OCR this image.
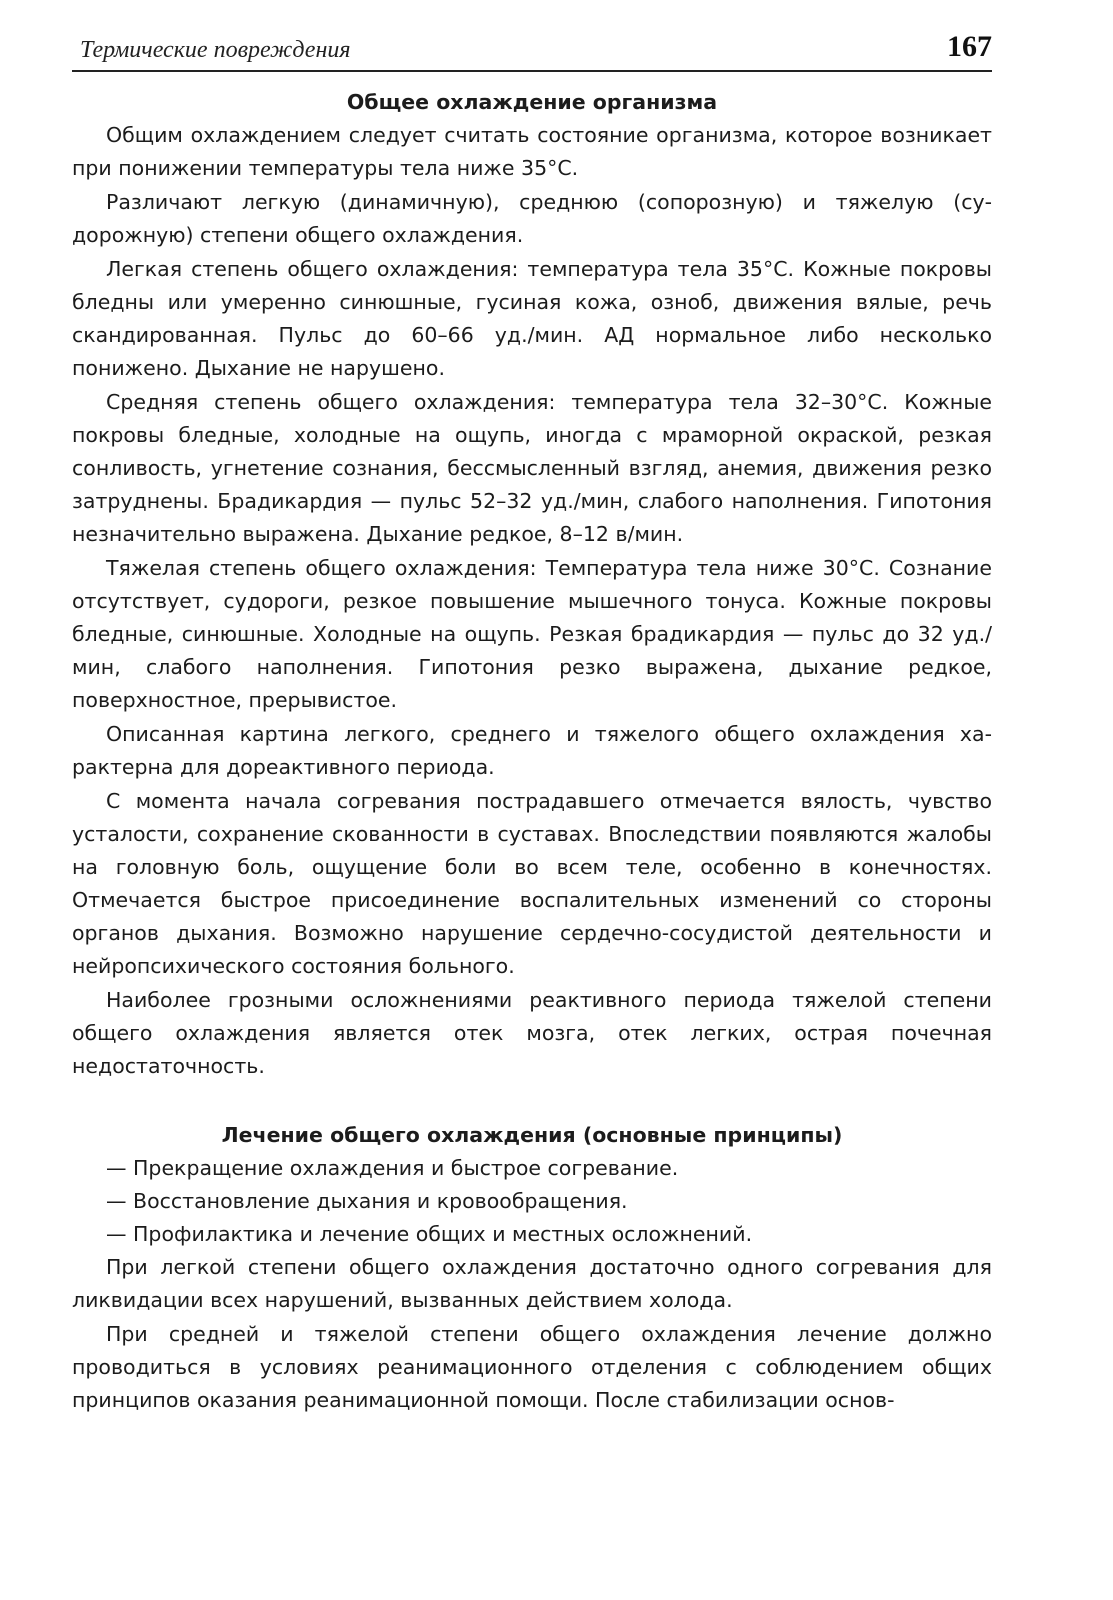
Термические повреждения	167
Общее охлаждение организма

Общим охлаждением следует считать состояние организма, которое возникает при понижении температуры тела ниже 35°С.

Различают легкую (динамичную), среднюю (сопорозную) и тяжелую (судорожную) степени общего охлаждения.

Легкая степень общего охлаждения: температура тела 35°С. Кожные покровы бледны или умеренно синюшные, гусиная кожа, озноб, движения вялые, речь скандированная. Пульс до 60–66 уд./мин. АД нормальное либо несколько понижено. Дыхание не нарушено.

Средняя степень общего охлаждения: температура тела 32–30°С. Кожные покровы бледные, холодные на ощупь, иногда с мраморной окраской, резкая сонливость, угнетение сознания, бессмысленный взгляд, анемия, движения резко затруднены. Брадикардия — пульс 52–32 уд./мин, слабого наполнения. Гипотония незначительно выражена. Дыхание редкое, 8–12 в/мин.

Тяжелая степень общего охлаждения: Температура тела ниже 30°С. Сознание отсутствует, судороги, резкое повышение мышечного тонуса. Кожные покровы бледные, синюшные. Холодные на ощупь. Резкая брадикардия — пульс до 32 уд./мин, слабого наполнения. Гипотония резко выражена, дыхание редкое, поверхностное, прерывистое.

Описанная картина легкого, среднего и тяжелого общего охлаждения характерна для дореактивного периода.

С момента начала согревания пострадавшего отмечается вялость, чувство усталости, сохранение скованности в суставах. Впоследствии появляются жалобы на головную боль, ощущение боли во всем теле, особенно в конечностях. Отмечается быстрое присоединение воспалительных изменений со стороны органов дыхания. Возможно нарушение сердечно-сосудистой деятельности и нейропсихического состояния больного.

Наиболее грозными осложнениями реактивного периода тяжелой степени общего охлаждения является отек мозга, отек легких, острая почечная недостаточность.

Лечение общего охлаждения (основные принципы)
— Прекращение охлаждения и быстрое согревание.
— Восстановление дыхания и кровообращения.
— Профилактика и лечение общих и местных осложнений.

При легкой степени общего охлаждения достаточно одного согревания для ликвидации всех нарушений, вызванных действием холода.

При средней и тяжелой степени общего охлаждения лечение должно проводиться в условиях реанимационного отделения с соблюдением общих принципов оказания реанимационной помощи. После стабилизации основ-
